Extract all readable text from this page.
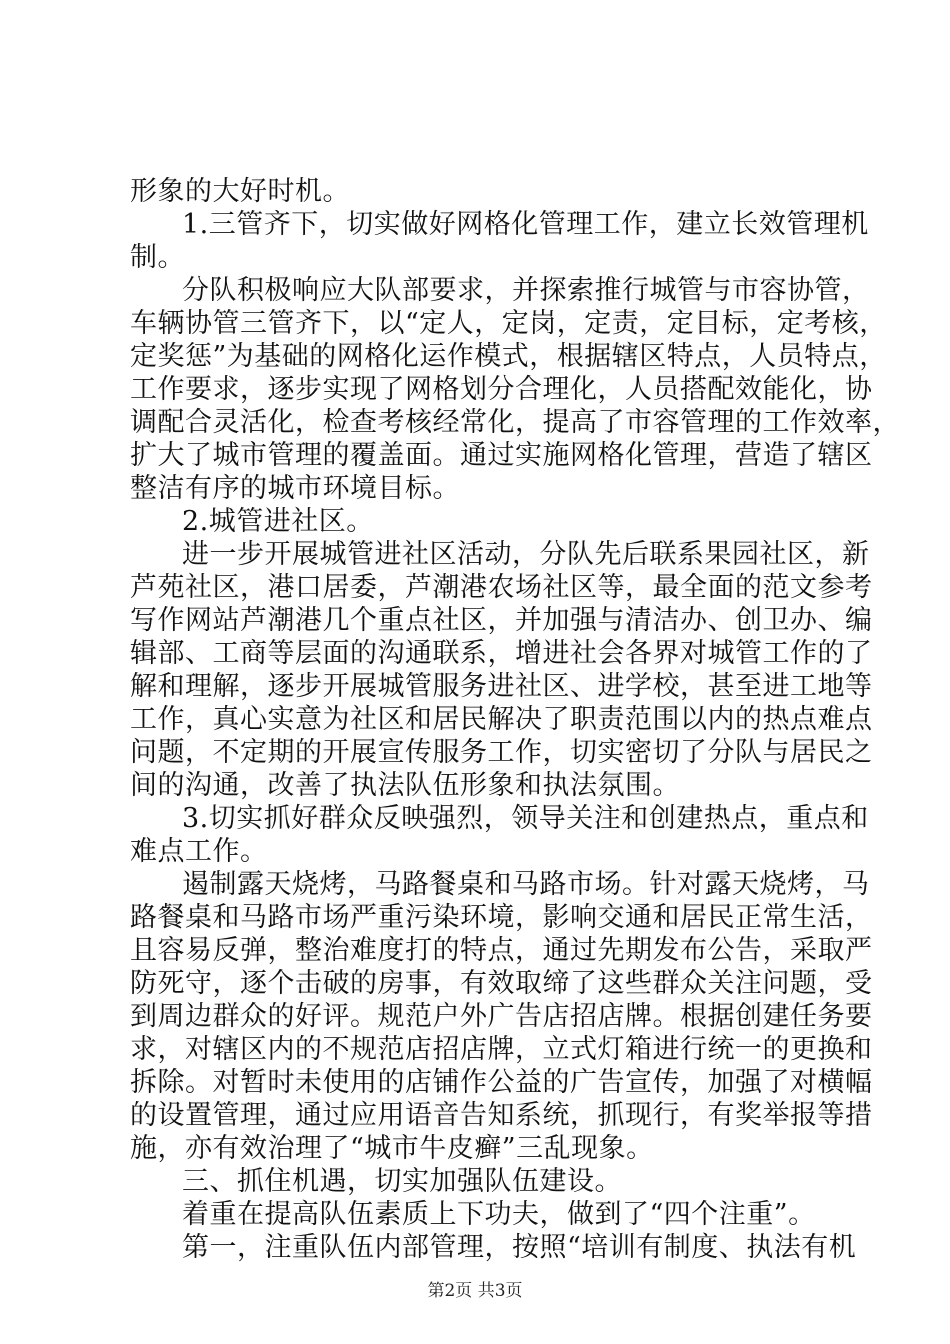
形象的大好时机。
1.三管齐下，切实做好网格化管理工作，建立长效管理机
制。
分队积极响应大队部要求，并探索推行城管与市容协管，
车辆协管三管齐下，以“定人，定岗，定责，定目标，定考核，
定奖惩”为基础的网格化运作模式，根据辖区特点，人员特点，
工作要求，逐步实现了网格划分合理化，人员搭配效能化，协
调配合灵活化，检查考核经常化，提高了市容管理的工作效率，
扩大了城市管理的覆盖面。通过实施网格化管理，营造了辖区
整洁有序的城市环境目标。
2.城管进社区。
进一步开展城管进社区活动，分队先后联系果园社区，新
芦苑社区，港口居委，芦潮港农场社区等，最全面的范文参考
写作网站芦潮港几个重点社区，并加强与清洁办、创卫办、编
辑部、工商等层面的沟通联系，增进社会各界对城管工作的了
解和理解，逐步开展城管服务进社区、进学校，甚至进工地等
工作，真心实意为社区和居民解决了职责范围以内的热点难点
问题，不定期的开展宣传服务工作，切实密切了分队与居民之
间的沟通，改善了执法队伍形象和执法氛围。
3.切实抓好群众反映强烈，领导关注和创建热点，重点和
难点工作。
遏制露天烧烤，马路餐桌和马路市场。针对露天烧烤，马
路餐桌和马路市场严重污染环境，影响交通和居民正常生活，
且容易反弹，整治难度打的特点，通过先期发布公告，采取严
防死守，逐个击破的房事，有效取缔了这些群众关注问题，受
到周边群众的好评。规范户外广告店招店牌。根据创建任务要
求，对辖区内的不规范店招店牌，立式灯箱进行统一的更换和
拆除。对暂时未使用的店铺作公益的广告宣传，加强了对横幅
的设置管理，通过应用语音告知系统，抓现行，有奖举报等措
施，亦有效治理了“城市牛皮癣”三乱现象。
三、抓住机遇，切实加强队伍建设。
着重在提高队伍素质上下功夫，做到了“四个注重”。
第一，注重队伍内部管理，按照“培训有制度、执法有机
第2页 共3页
